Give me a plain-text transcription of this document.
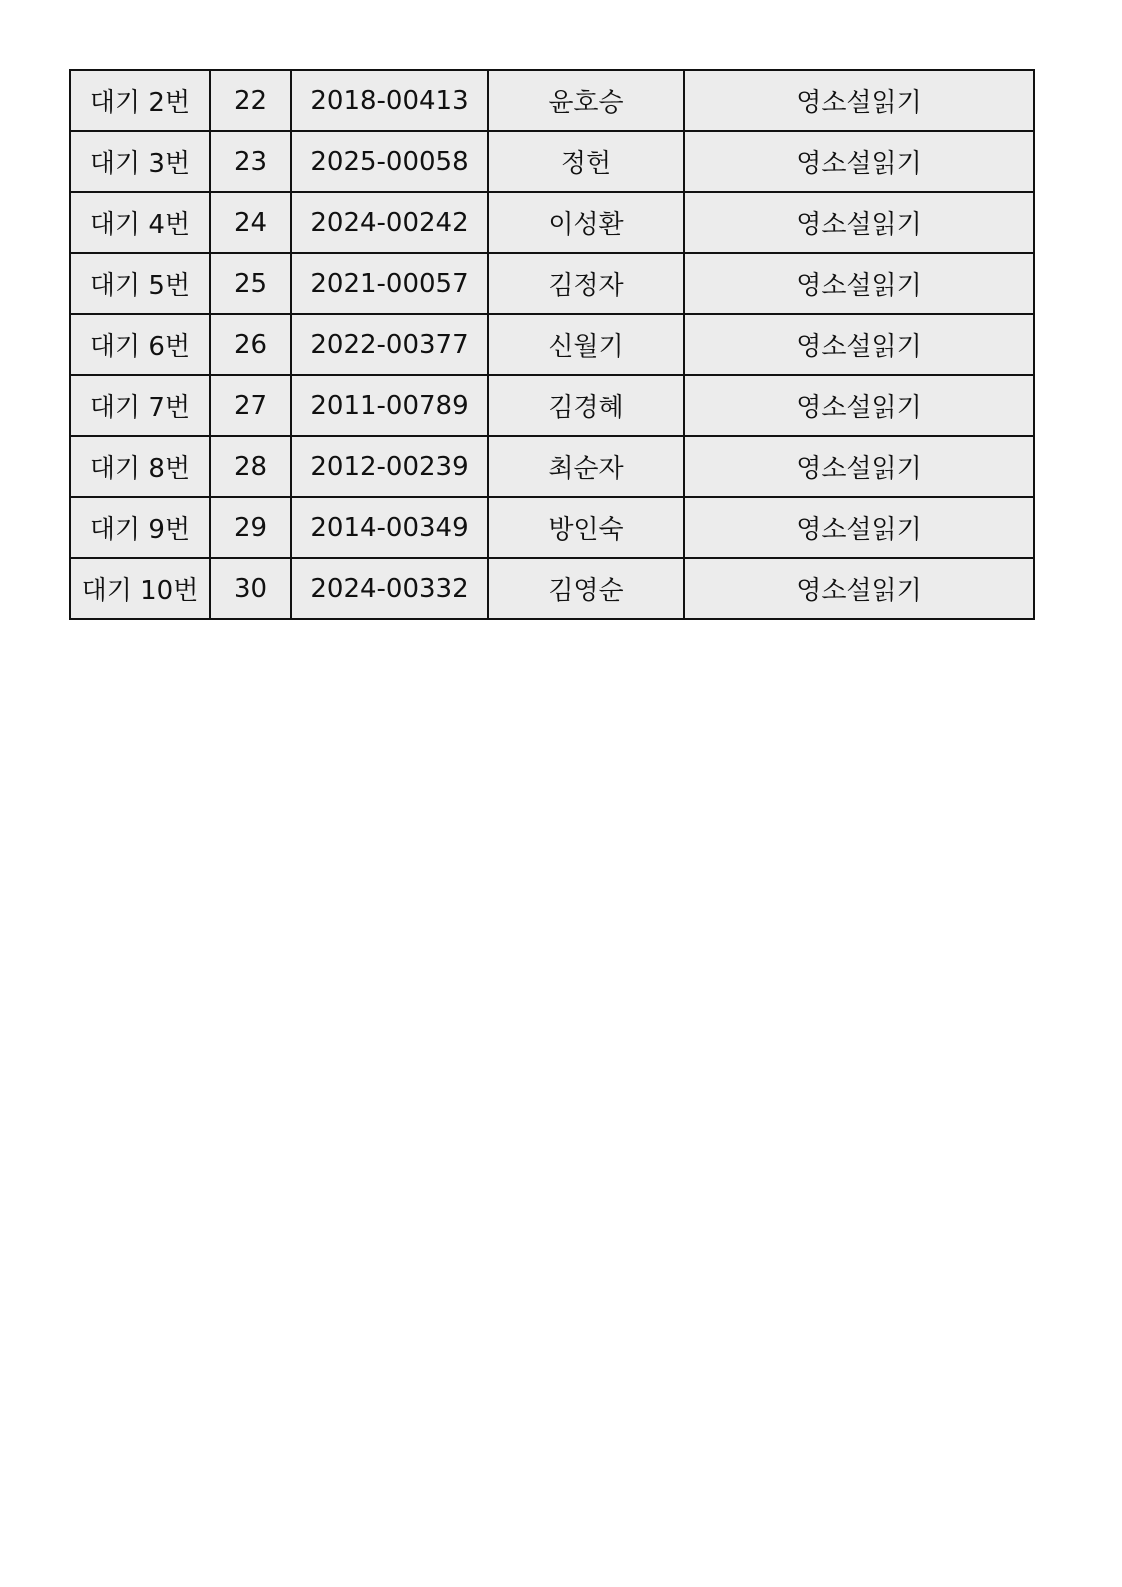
대기 2번	22	2018-00413	윤호승	영소설읽기
대기 3번	23	2025-00058	정헌	영소설읽기
대기 4번	24	2024-00242	이성환	영소설읽기
대기 5번	25	2021-00057	김정자	영소설읽기
대기 6번	26	2022-00377	신월기	영소설읽기
대기 7번	27	2011-00789	김경혜	영소설읽기
대기 8번	28	2012-00239	최순자	영소설읽기
대기 9번	29	2014-00349	방인숙	영소설읽기
대기 10번	30	2024-00332	김영순	영소설읽기
